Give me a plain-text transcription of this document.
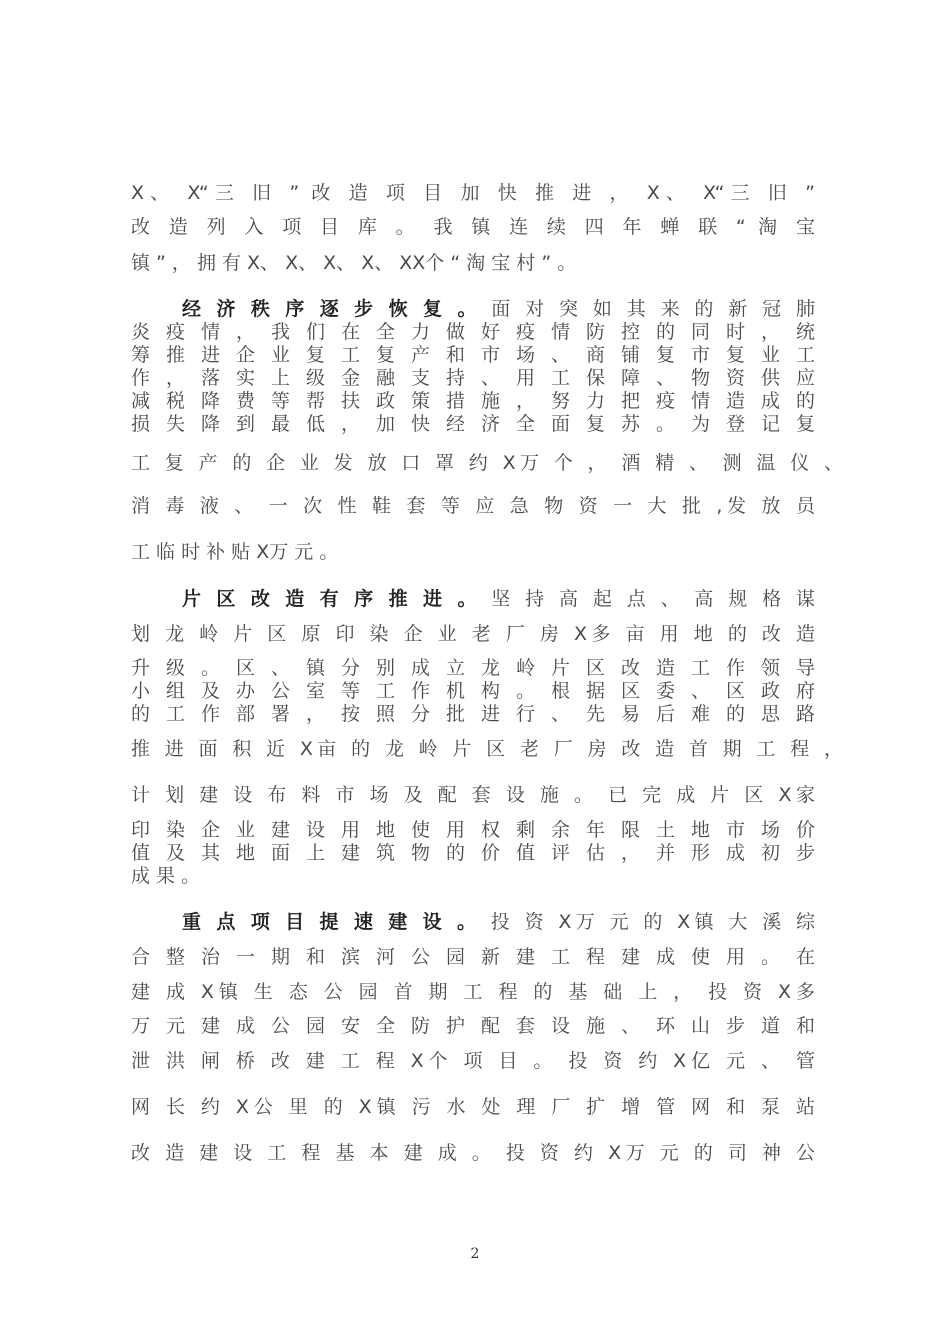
X、 X“三 旧 ” 改 造 项 目 加 快 推 进 ， X、 X“三 旧 ”
改 造 列 入 项 目 库 。 我 镇 连 续 四 年 蝉 联 “ 淘 宝
镇 ” ， 拥 有 X、 X、 X、 X、 XX个 “ 淘 宝 村 ” 。
经 济 秩 序 逐 步 恢 复 。 面 对 突 如 其 来 的 新 冠 肺
炎 疫 情 ， 我 们 在 全 力 做 好 疫 情 防 控 的 同 时 ， 统
筹 推 进 企 业 复 工 复 产 和 市 场 、 商 铺 复 市 复 业 工
作 ， 落 实 上 级 金 融 支 持 、 用 工 保 障 、 物 资 供 应
减 税 降 费 等 帮 扶 政 策 措 施 ， 努 力 把 疫 情 造 成 的
损 失 降 到 最 低 ， 加 快 经 济 全 面 复 苏 。 为 登 记 复
工 复 产 的 企 业 发 放 口 罩 约 X万 个 ， 酒 精 、 测 温 仪 、
消 毒 液 、 一 次 性 鞋 套 等 应 急 物 资 一 大 批 ,发 放 员
工 临 时 补 贴 X万 元 。
片 区 改 造 有 序 推 进 。 坚 持 高 起 点 、 高 规 格 谋
划 龙 岭 片 区 原 印 染 企 业 老 厂 房 X多 亩 用 地 的 改 造
升 级 。 区 、 镇 分 别 成 立 龙 岭 片 区 改 造 工 作 领 导
小 组 及 办 公 室 等 工 作 机 构 。 根 据 区 委 、 区 政 府
的 工 作 部 署 ， 按 照 分 批 进 行 、 先 易 后 难 的 思 路
推 进 面 积 近 X亩 的 龙 岭 片 区 老 厂 房 改 造 首 期 工 程 ，
计 划 建 设 布 料 市 场 及 配 套 设 施 。 已 完 成 片 区 X家
印 染 企 业 建 设 用 地 使 用 权 剩 余 年 限 土 地 市 场 价
值 及 其 地 面 上 建 筑 物 的 价 值 评 估 ， 并 形 成 初 步
成 果 。
重 点 项 目 提 速 建 设 。 投 资 X万 元 的 X镇 大 溪 综
合 整 治 一 期 和 滨 河 公 园 新 建 工 程 建 成 使 用 。 在
建 成 X镇 生 态 公 园 首 期 工 程 的 基 础 上 ， 投 资 X多
万 元 建 成 公 园 安 全 防 护 配 套 设 施 、 环 山 步 道 和
泄 洪 闸 桥 改 建 工 程 X个 项 目 。 投 资 约 X亿 元 、 管
网 长 约 X公 里 的 X镇 污 水 处 理 厂 扩 增 管 网 和 泵 站
改 造 建 设 工 程 基 本 建 成 。 投 资 约 X万 元 的 司 神 公
2
